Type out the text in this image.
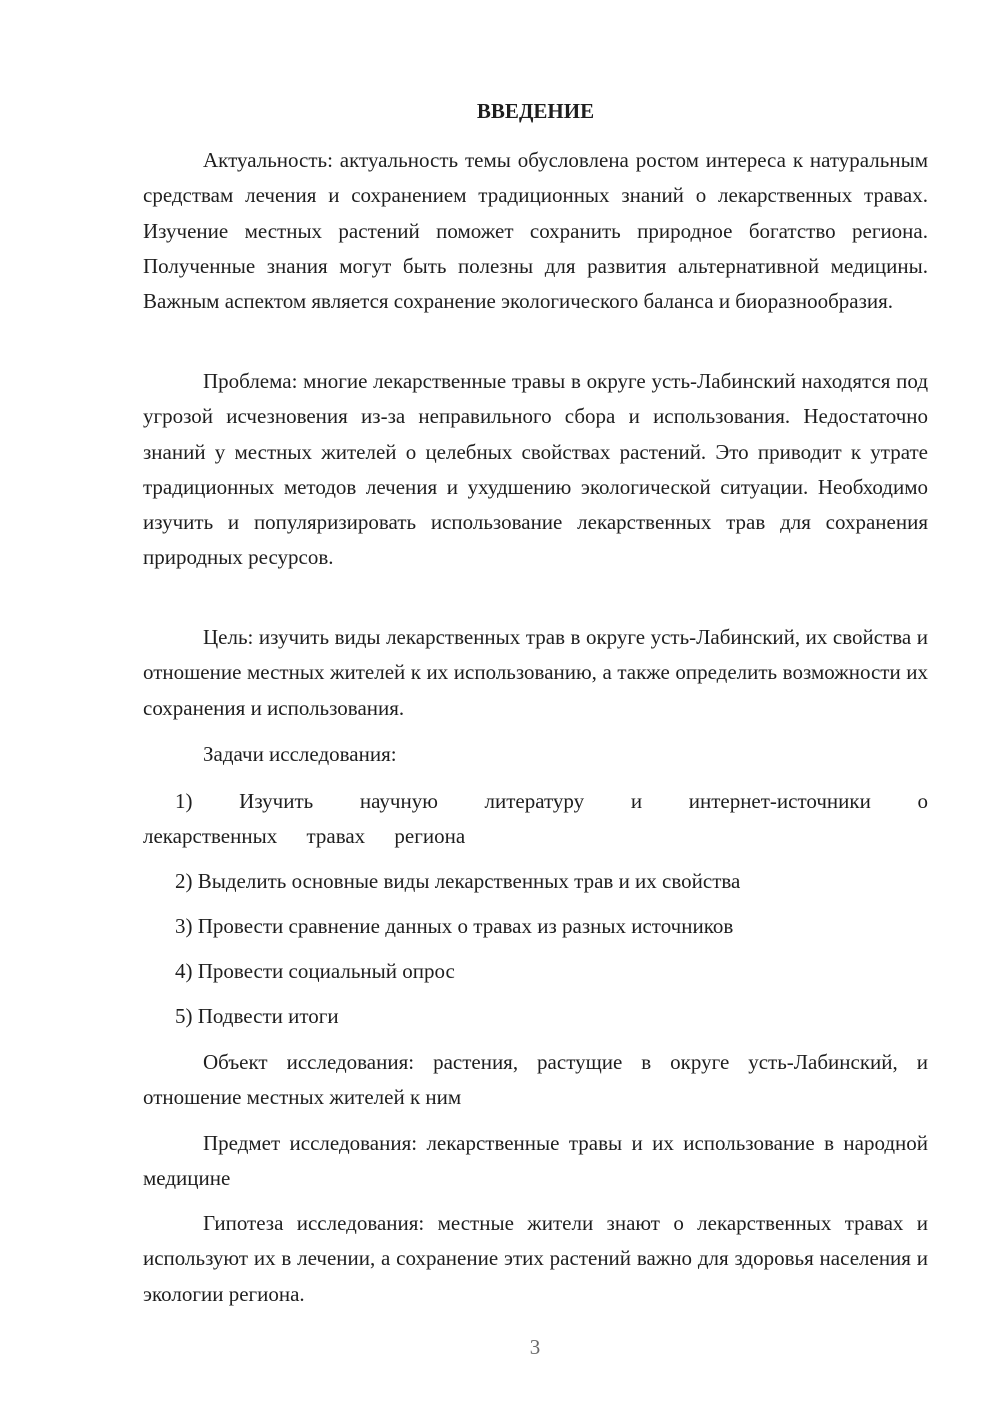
ВВЕДЕНИЕ

Актуальность: актуальность темы обусловлена ростом интереса к натуральным средствам лечения и сохранением традиционных знаний о лекарственных травах. Изучение местных растений поможет сохранить природное богатство региона. Полученные знания могут быть полезны для развития альтернативной медицины. Важным аспектом является сохранение экологического баланса и биоразнообразия.

Проблема: многие лекарственные травы в округе усть-Лабинский находятся под угрозой исчезновения из-за неправильного сбора и использования. Недостаточно знаний у местных жителей о целебных свойствах растений. Это приводит к утрате традиционных методов лечения и ухудшению экологической ситуации. Необходимо изучить и популяризировать использование лекарственных трав для сохранения природных ресурсов.

Цель: изучить виды лекарственных трав в округе усть-Лабинский, их свойства и отношение местных жителей к их использованию, а также определить возможности их сохранения и использования.

Задачи исследования:

1) Изучить научную литературу и интернет-источники о лекарственных травах региона

2) Выделить основные виды лекарственных трав и их свойства

3) Провести сравнение данных о травах из разных источников

4) Провести социальный опрос

5) Подвести итоги

Объект исследования: растения, растущие в округе усть-Лабинский, и отношение местных жителей к ним

Предмет исследования: лекарственные травы и их использование в народной медицине

Гипотеза исследования: местные жители знают о лекарственных травах и используют их в лечении, а сохранение этих растений важно для здоровья населения и экологии региона.

3
